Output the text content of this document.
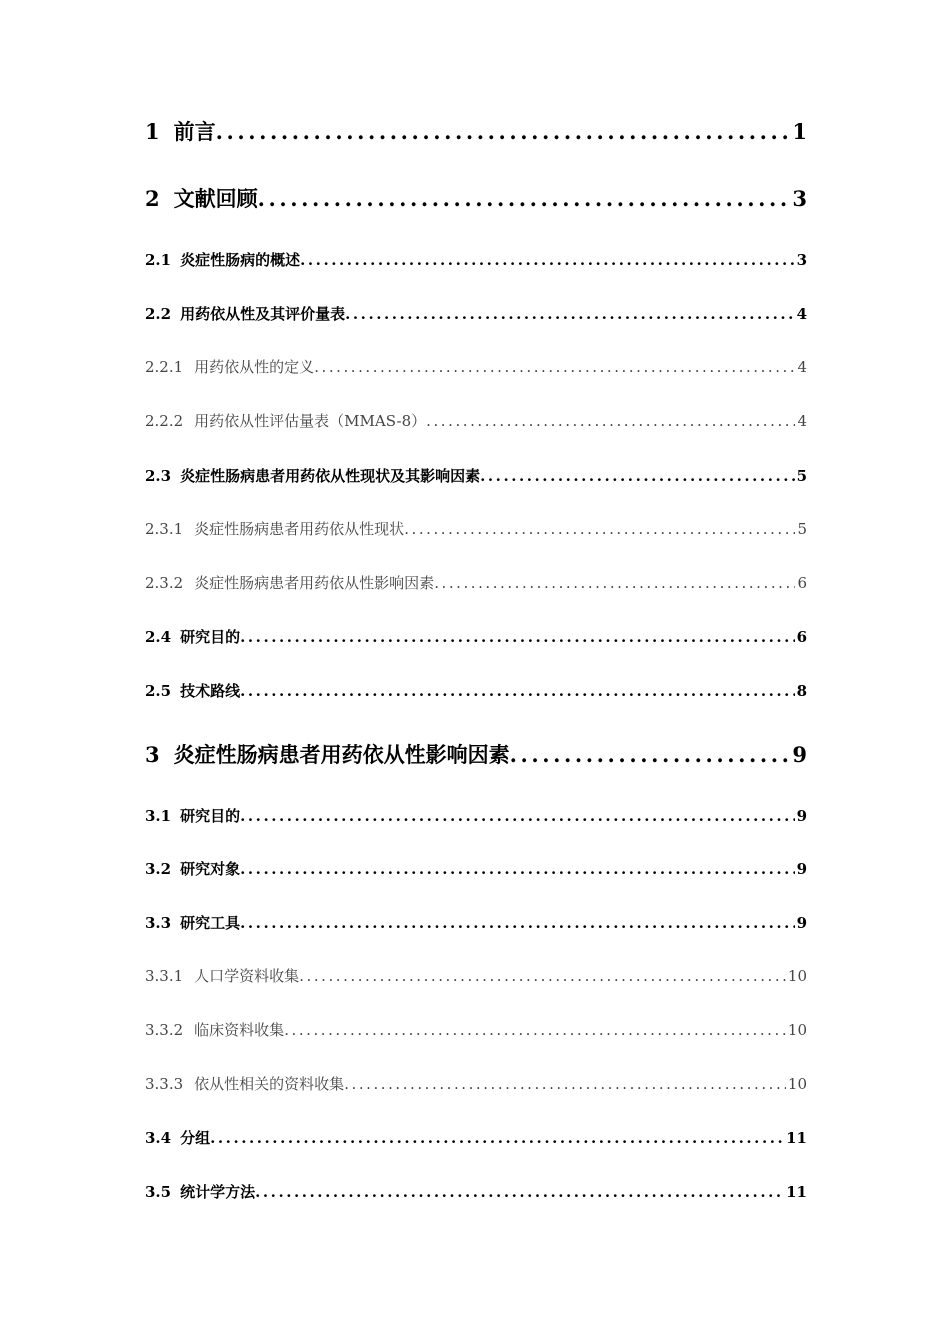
1 前言 .....	1
2 文献回顾 .....	3
2.1 炎症性肠病的概述 .....	3
2.2 用药依从性及其评价量表 .....	4
2.2.1 用药依从性的定义 .....	4
2.2.2 用药依从性评估量表（MMAS-8） .....	4
2.3 炎症性肠病患者用药依从性现状及其影响因素 .....	5
2.3.1 炎症性肠病患者用药依从性现状 .....	5
2.3.2 炎症性肠病患者用药依从性影响因素 .....	6
2.4 研究目的 .....	6
2.5 技术路线 .....	8
3 炎症性肠病患者用药依从性影响因素 .....	9
3.1 研究目的 .....	9
3.2 研究对象 .....	9
3.3 研究工具 .....	9
3.3.1 人口学资料收集 .....	10
3.3.2 临床资料收集 .....	10
3.3.3 依从性相关的资料收集 .....	10
3.4 分组 .....	11
3.5 统计学方法 .....	11
